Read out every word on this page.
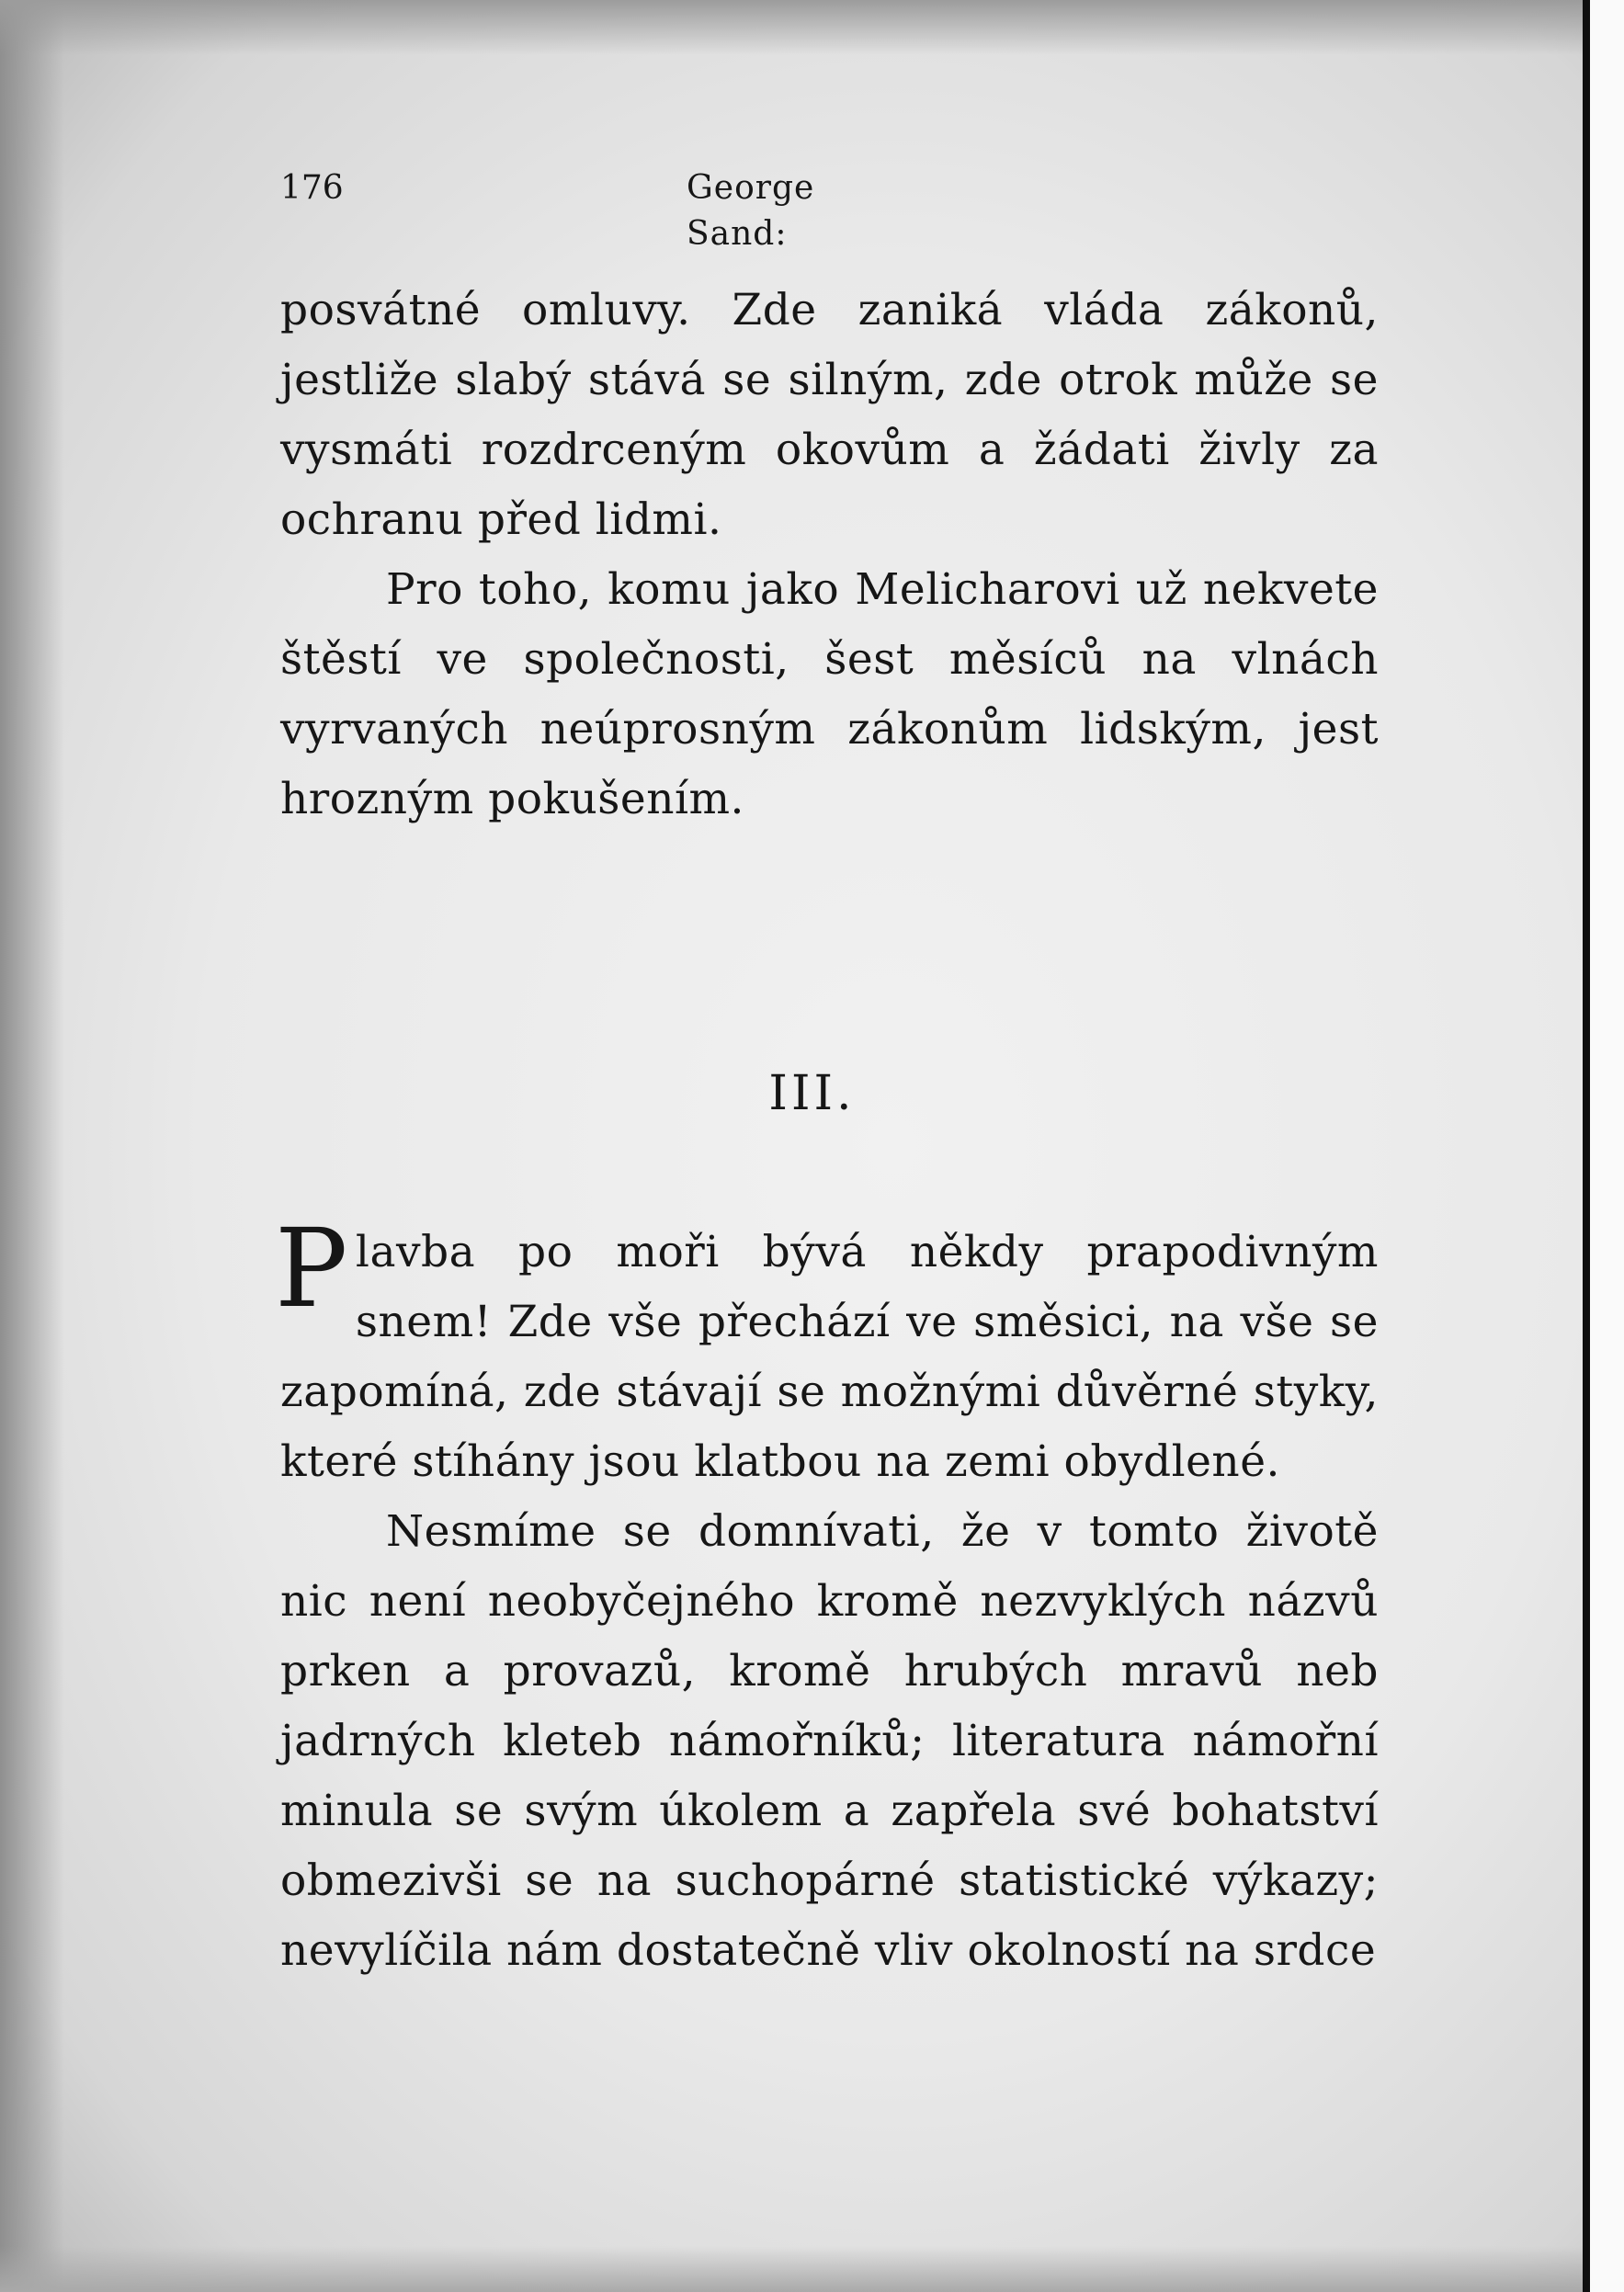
176	George Sand:

posvátné omluvy. Zde zaniká vláda zákonů, jestliže slabý stává se silným, zde otrok může se vysmáti rozdrceným okovům a žádati živly za ochranu před lidmi.

Pro toho, komu jako Melicharovi už nekvete štěstí ve společnosti, šest měsíců na vlnách vyrvaných neúprosným zákonům lidským, jest hrozným pokušením.

III.

Plavba po moři bývá někdy prapodivným snem! Zde vše přechází ve směsici, na vše se zapomíná, zde stávají se možnými důvěrné styky, které stíhány jsou klatbou na zemi obydlené.

Nesmíme se domnívati, že v tomto životě nic není neobyčejného kromě nezvyklých názvů prken a provazů, kromě hrubých mravů neb jadrných kleteb námořníků; literatura námořní minula se svým úkolem a zapřela své bohatství obmezivši se na suchopárné statistické výkazy; nevylíčila nám dostatečně vliv okolností na srdce
